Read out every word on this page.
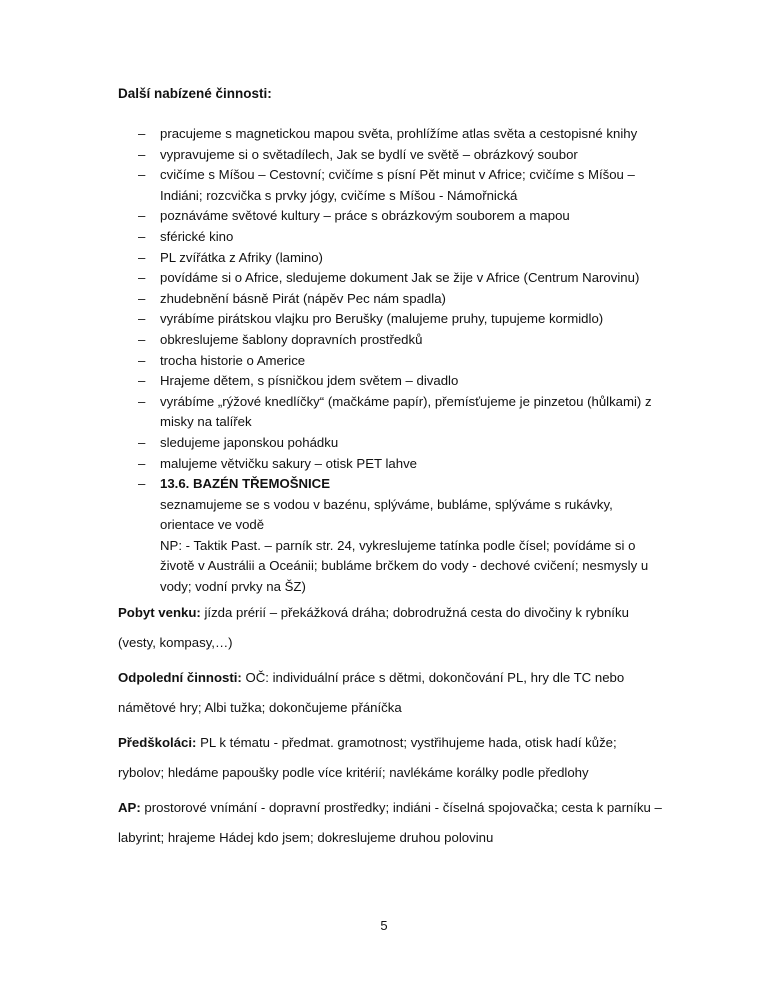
Další nabízené činnosti:

– pracujeme s magnetickou mapou světa, prohlížíme atlas světa a cestopisné knihy
– vypravujeme si o světadílech, Jak se bydlí ve světě – obrázkový soubor
– cvičíme s Míšou – Cestovní; cvičíme s písní Pět minut v Africe; cvičíme s Míšou – Indiáni; rozcvička s prvky jógy, cvičíme s Míšou - Námořnická
– poznáváme světové kultury – práce s obrázkovým souborem a mapou
– sférické kino
– PL zvířátka z Afriky (lamino)
– povídáme si o Africe, sledujeme dokument Jak se žije v Africe (Centrum Narovinu)
– zhudebnění básně Pirát (nápěv Pec nám spadla)
– vyrábíme pirátskou vlajku pro Berušky (malujeme pruhy, tupujeme kormidlo)
– obkreslujeme šablony dopravních prostředků
– trocha historie o Americe
– Hrajeme dětem, s písničkou jdem světem – divadlo
– vyrábíme „rýžové knedlíčky“ (mačkáme papír), přemísťujeme je pinzetou (hůlkami) z misky na talířek
– sledujeme japonskou pohádku
– malujeme větvičku sakury – otisk PET lahve
– 13.6. BAZÉN TŘEMOŠNICE
seznamujeme se s vodou v bazénu, splýváme, bubláme, splýváme s rukávky, orientace ve vodě
NP: - Taktik Past. – parník str. 24, vykreslujeme tatínka podle čísel; povídáme si o životě v Austrálii a Oceánii; bubláme brčkem do vody - dechové cvičení; nesmysly u vody; vodní prvky na ŠZ)

Pobyt venku: jízda prérií – překážková dráha; dobrodružná cesta do divočiny k rybníku (vesty, kompasy,…)

Odpolední činnosti: OČ: individuální práce s dětmi, dokončování PL, hry dle TC nebo námětové hry; Albi tužka; dokončujeme přáníčka

Předškoláci: PL k tématu - předmat. gramotnost; vystřihujeme hada, otisk hadí kůže; rybolov; hledáme papoušky podle více kritérií; navlékáme korálky podle předlohy

AP: prostorové vnímání - dopravní prostředky; indiáni - číselná spojovačka; cesta k parníku – labyrint; hrajeme Hádej kdo jsem; dokreslujeme druhou polovinu

5
